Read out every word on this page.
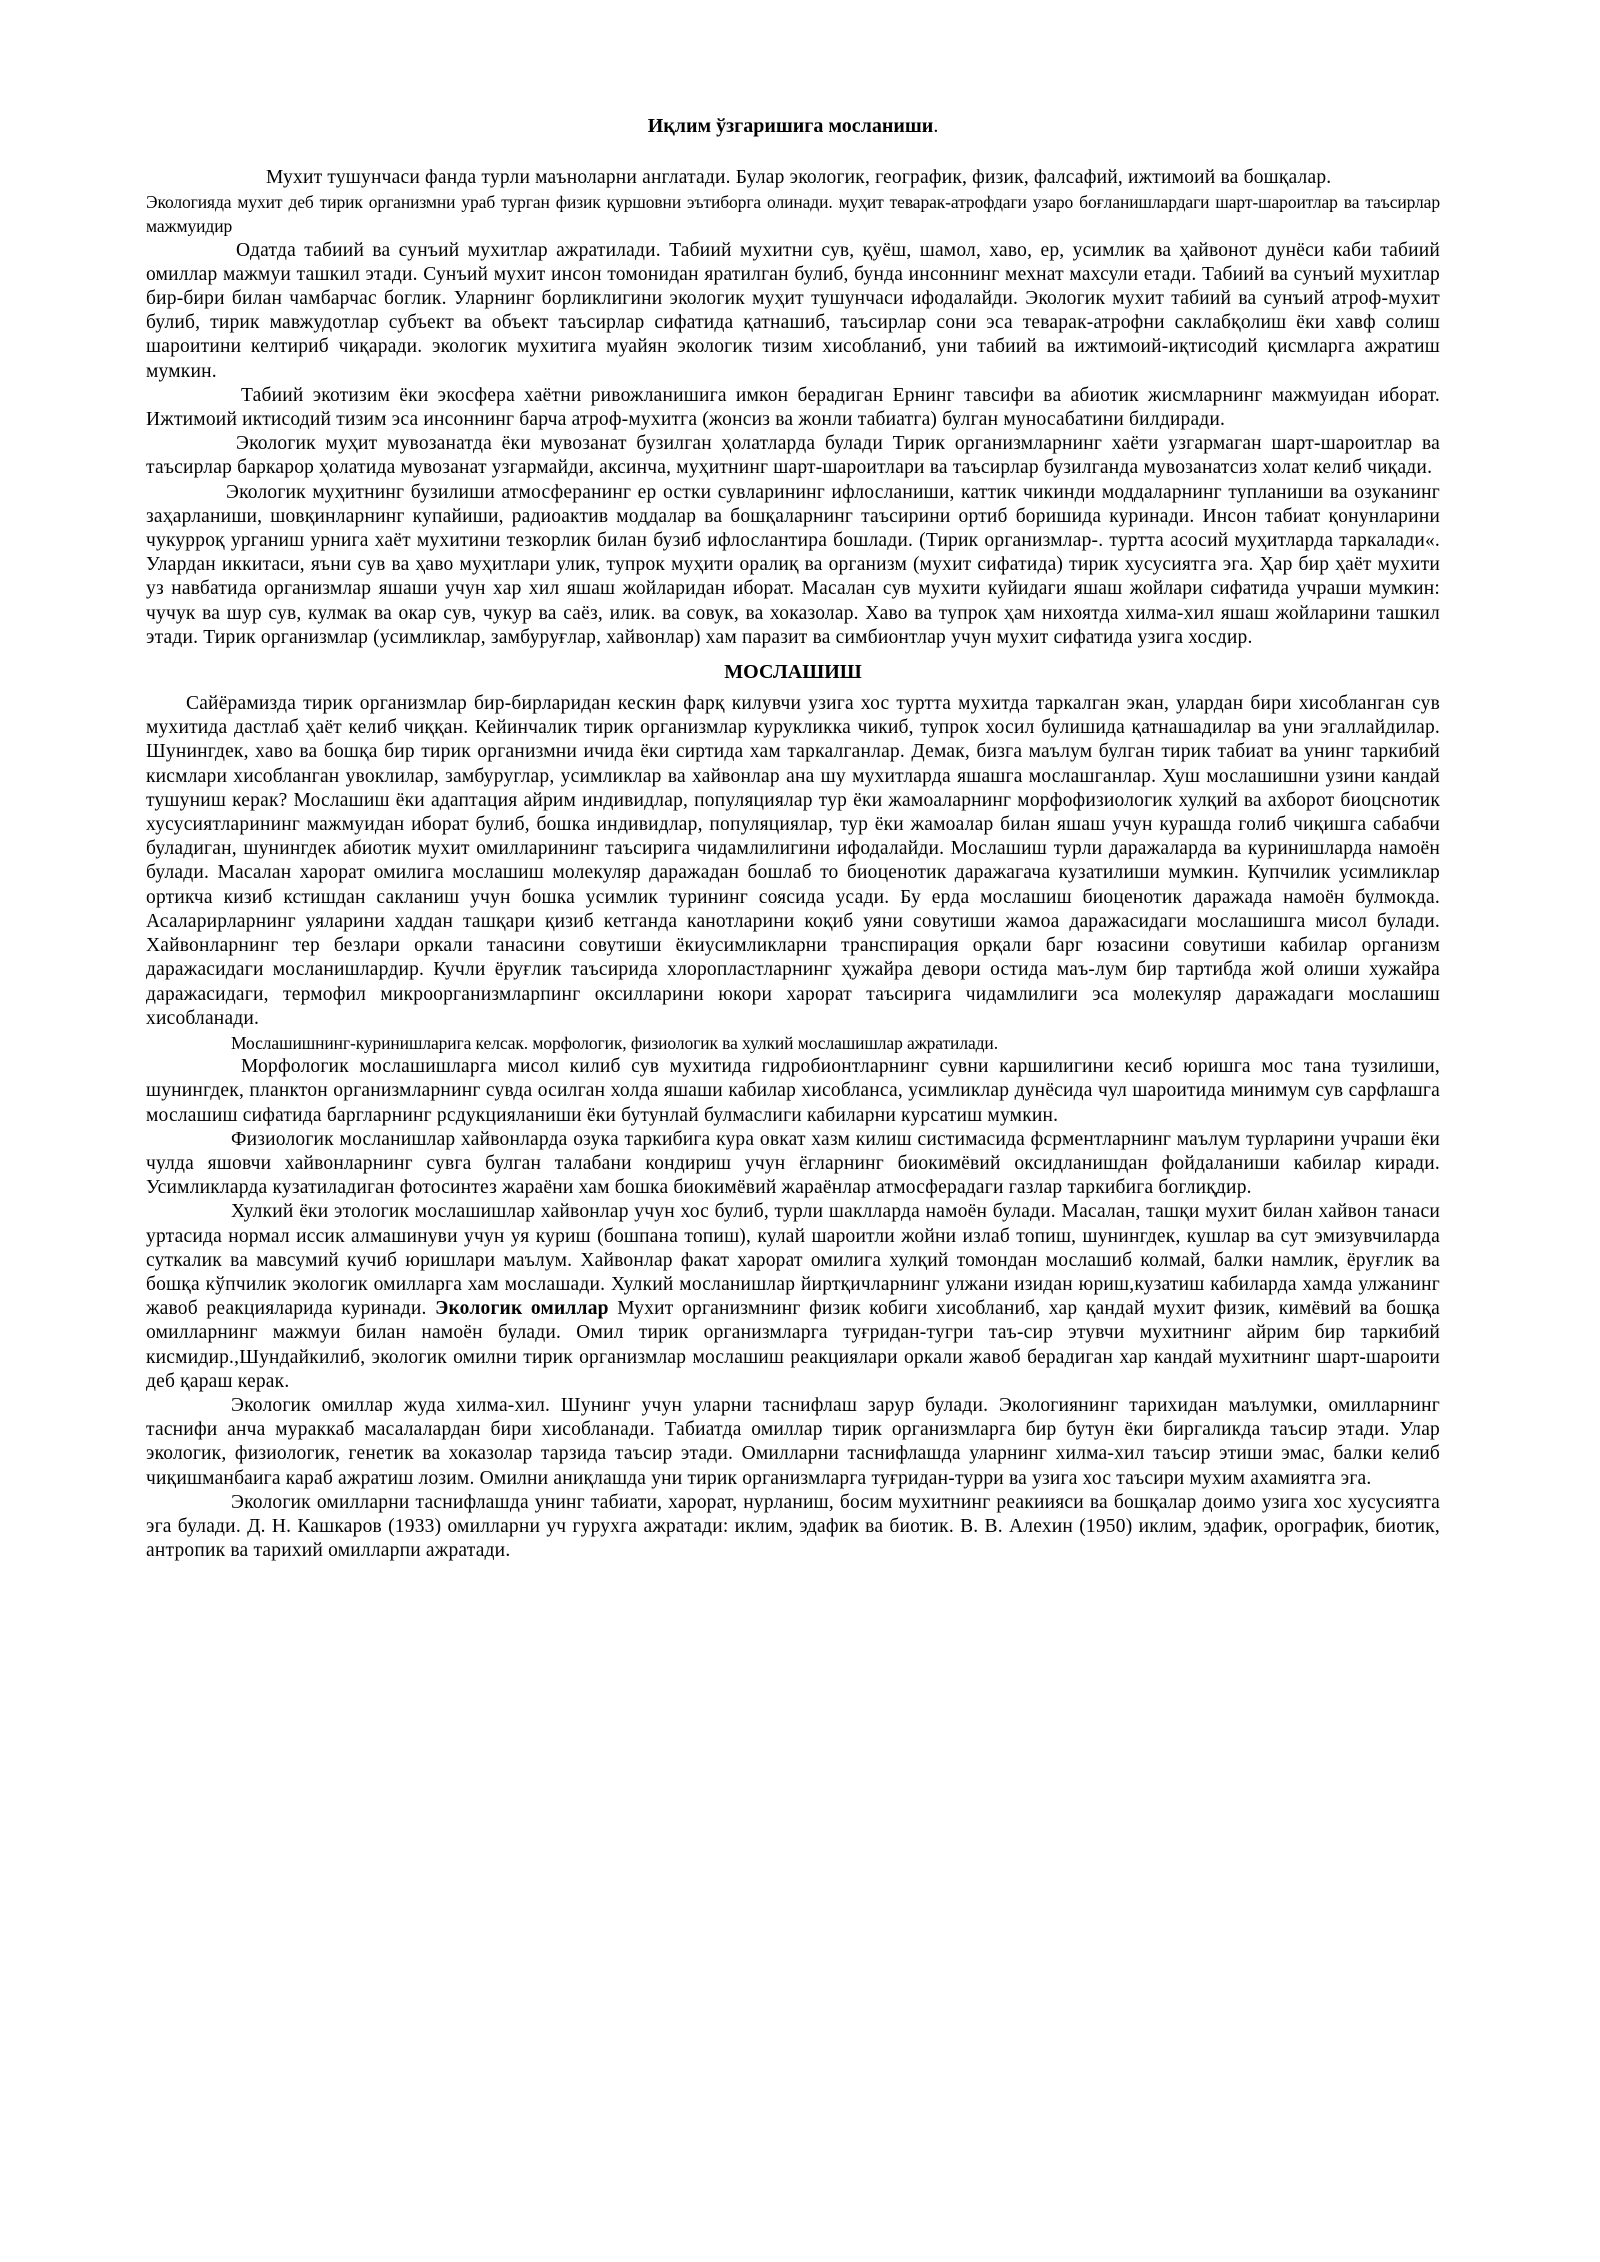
Иқлим ўзгаришига мосланиши.

Мухит тушунчаси фанда турли маъноларни англатади. Булар экологик, географик, физик, фалсафий, ижтимоий ва бошқалар.

Экологияда мухит деб тирик организмни ураб турган физик қуршовни эътиборга олинади. муҳит теварак-атрофдаги узаро боғланишлардаги шарт-шароитлар ва таъсирлар мажмуидир

Одатда табиий ва сунъий мухитлар ажратилади. Табиий мухитни сув, қуёш, шамол, хаво, ер, усимлик ва ҳайвонот дунёси каби табиий омиллар мажмуи ташкил этади. Сунъий мухит инсон томонидан яратилган булиб, бунда инсоннинг мехнат махсули етади. Табиий ва сунъий мухитлар бир-бири билан чамбарчас боглик. Уларнинг борликлигини экологик муҳит тушунчаси ифодалайди. Экологик мухит табиий ва сунъий атроф-мухит булиб, тирик мавжудотлар субъект ва объект таъсирлар сифатида қатнашиб, таъсирлар сони эса теварак-атрофни саклабқолиш ёки хавф солиш шароитини келтириб чиқаради. экологик мухитига муайян экологик тизим хисобланиб, уни табиий ва ижтимоий-иқтисодий қисмларга ажратиш мумкин.

Табиий экотизим ёки экосфера хаётни ривожланишига имкон берадиган Ернинг тавсифи ва абиотик жисмларнинг мажмуидан иборат. Ижтимоий иктисодий тизим эса инсоннинг барча атроф-мухитга (жонсиз ва жонли табиатга) булган муносабатини билдиради.

Экологик муҳит мувозанатда ёки мувозанат бузилган ҳолатларда булади Тирик организмларнинг хаёти узгармаган шарт-шароитлар ва таъсирлар баркарор ҳолатида мувозанат узгармайди, аксинча, муҳитнинг шарт-шароитлари ва таъсирлар бузилганда мувозанатсиз холат келиб чиқади.

Экологик муҳитнинг бузилиши атмосферанинг ер остки сувларининг ифлосланиши, каттик чикинди моддаларнинг тупланиши ва озуканинг заҳарланиши, шовқинларнинг купайиши, радиоактив моддалар ва бошқаларнинг таъсирини ортиб боришида куринади. Инсон табиат қонунларини чукурроқ урганиш урнига хаёт мухитини тезкорлик билан бузиб ифлослантира бошлади. (Тирик организмлар-. туртта асосий муҳитларда таркалади«. Улардан иккитаси, яъни сув ва ҳаво муҳитлари улик, тупрок муҳити оралиқ ва организм (мухит сифатида) тирик хусусиятга эга. Ҳар бир ҳаёт мухити уз навбатида организмлар яшаши учун хар хил яшаш жойларидан иборат. Масалан сув мухити куйидаги яшаш жойлари сифатида учраши мумкин: чучук ва шур сув, кулмак ва окар сув, чукур ва саёз, илик. ва совук, ва хоказолар. Хаво ва тупрок ҳам нихоятда хилма-хил яшаш жойларини ташкил этади. Тирик организмлар (усимликлар, замбуруғлар, хайвонлар) хам паразит ва симбионтлар учун мухит сифатида узига хосдир.

МОСЛАШИШ

Сайёрамизда тирик организмлар бир-бирларидан кескин фарқ килувчи узига хос туртта мухитда таркалган экан, улардан бири хисобланган сув мухитида дастлаб ҳаёт келиб чиққан. Кейинчалик тирик организмлар курукликка чикиб, тупрок хосил булишида қатнашадилар ва уни эгаллайдилар. Шунингдек, хаво ва бошқа бир тирик организмни ичида ёки сиртида хам таркалганлар. Демак, бизга маълум булган тирик табиат ва унинг таркибий кисмлари хисобланган увоклилар, замбуруглар, усимликлар ва хайвонлар ана шу мухитларда яшашга мослашганлар. Хуш мослашишни узини кандай тушуниш керак? Мослашиш ёки адаптация айрим индивидлар, популяциялар тур ёки жамоаларнинг морфофизиологик хулқий ва ахборот биоцснотик хусусиятларининг мажмуидан иборат булиб, бошка индивидлар, популяциялар, тур ёки жамоалар билан яшаш учун курашда голиб чиқишга сабабчи буладиган, шунингдек абиотик мухит омилларининг таъсирига чидамлилигини ифодалайди. Мослашиш турли даражаларда ва куринишларда намоён булади. Масалан харорат омилига мослашиш молекуляр даражадан бошлаб то биоценотик даражагача кузатилиши мумкин. Купчилик усимликлар ортикча кизиб кстишдан сакланиш учун бошка усимлик турининг соясида усади. Бу ерда мослашиш биоценотик даражада намоён булмокда. Асаларирларнинг уяларини хаддан ташқари қизиб кетганда канотларини коқиб уяни совутиши жамоа даражасидаги мослашишга мисол булади. Хайвонларнинг тер безлари оркали танасини совутиши ёкиусимликларни транспирация орқали барг юзасини совутиши кабилар организм даражасидаги мосланишлардир. Кучли ёруғлик таъсирида хлоропластларнинг ҳужайра девори остида маъ-лум бир тартибда жой олиши хужайра даражасидаги, термофил микроорганизмларпинг оксилларини юкори харорат таъсирига чидамлилиги эса молекуляр даражадаги мослашиш хисобланади.

Мослашишнинг-куринишларига келсак. морфологик, физиологик ва хулкий мослашишлар ажратилади.

Морфологик мослашишларга мисол килиб сув мухитида гидробионтларнинг сувни каршилигини кесиб юришга мос тана тузилиши, шунингдек, планктон организмларнинг сувда осилган холда яшаши кабилар хисобланса, усимликлар дунёсида чул шароитида минимум сув сарфлашга мослашиш сифатида баргларнинг рсдукцияланиши ёки бутунлай булмаслиги кабиларни курсатиш мумкин.

Физиологик мосланишлар хайвонларда озука таркибига кура овкат хазм килиш систимасида фсрментларнинг маълум турларини учраши ёки чулда яшовчи хайвонларнинг сувга булган талабани кондириш учун ёгларнинг биокимёвий оксидланишдан фойдаланиши кабилар киради. Усимликларда кузатиладиган фотосинтез жараёни хам бошка биокимёвий жараёнлар атмосферадаги газлар таркибига боглиқдир.

Хулкий ёки этологик мослашишлар хайвонлар учун хос булиб, турли шаклларда намоён булади. Масалан, ташқи мухит билан хайвон танаси уртасида нормал иссик алмашинуви учун уя куриш (бошпана топиш), кулай шароитли жойни излаб топиш, шунингдек, кушлар ва сут эмизувчиларда суткалик ва мавсумий кучиб юришлари маълум. Хайвонлар факат харорат омилига хулқий томондан мослашиб колмай, балки намлик, ёруғлик ва бошқа кўпчилик экологик омилларга хам мослашади. Хулкий мосланишлар йиртқичларнинг улжани изидан юриш,кузатиш кабиларда хамда улжанинг жавоб реакцияларида куринади. Экологик омиллар Мухит организмнинг физик кобиги хисобланиб, хар қандай мухит физик, кимёвий ва бошқа омилларнинг мажмуи билан намоён булади. Омил тирик организмларга туғридан-тугри таъ-сир этувчи мухитнинг айрим бир таркибий кисмидир.,Шундайкилиб, экологик омилни тирик организмлар мослашиш реакциялари оркали жавоб берадиган хар кандай мухитнинг шарт-шароити деб қараш керак.

Экологик омиллар жуда хилма-хил. Шунинг учун уларни таснифлаш зарур булади. Экологиянинг тарихидан маълумки, омилларнинг таснифи анча мураккаб масалалардан бири хисобланади. Табиатда омиллар тирик организмларга бир бутун ёки биргаликда таъсир этади. Улар экологик, физиологик, генетик ва хоказолар тарзида таъсир этади. Омилларни таснифлашда уларнинг хилма-хил таъсир этиши эмас, балки келиб чиқишманбаига караб ажратиш лозим. Омилни аниқлашда уни тирик организмларга туғридан-турри ва узига хос таъсири мухим ахамиятга эга.

Экологик омилларни таснифлашда унинг табиати, харорат, нурланиш, босим мухитнинг реакиияси ва бошқалар доимо узига хос хусусиятга эга булади. Д. Н. Кашкаров (1933) омилларни уч гурухга ажратади: иклим, эдафик ва биотик. В. В. Алехин (1950) иклим, эдафик, орографик, биотик, антропик ва тарихий омилларпи ажратади.
